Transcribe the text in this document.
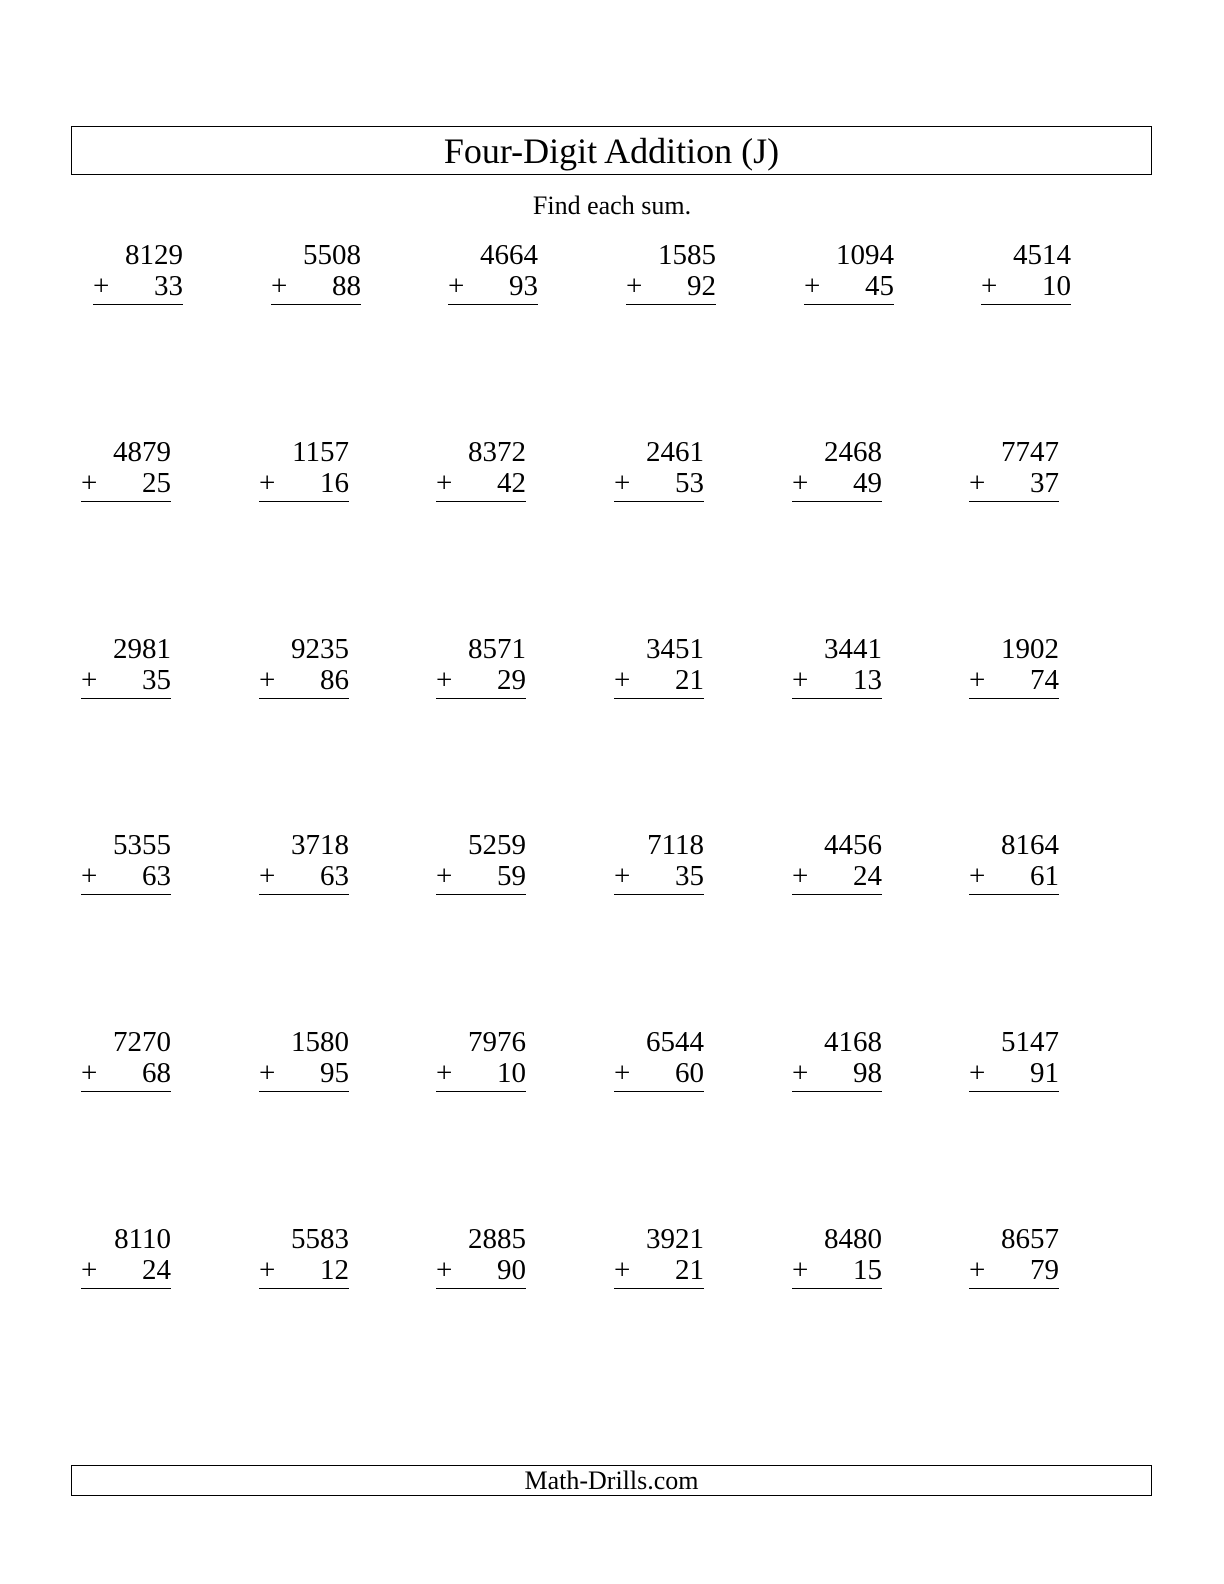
Four-Digit Addition (J)
Find each sum.
8129
+ 33
5508
+ 88
4664
+ 93
1585
+ 92
1094
+ 45
4514
+ 10
4879
+ 25
1157
+ 16
8372
+ 42
2461
+ 53
2468
+ 49
7747
+ 37
2981
+ 35
9235
+ 86
8571
+ 29
3451
+ 21
3441
+ 13
1902
+ 74
5355
+ 63
3718
+ 63
5259
+ 59
7118
+ 35
4456
+ 24
8164
+ 61
7270
+ 68
1580
+ 95
7976
+ 10
6544
+ 60
4168
+ 98
5147
+ 91
8110
+ 24
5583
+ 12
2885
+ 90
3921
+ 21
8480
+ 15
8657
+ 79
Math-Drills.com
